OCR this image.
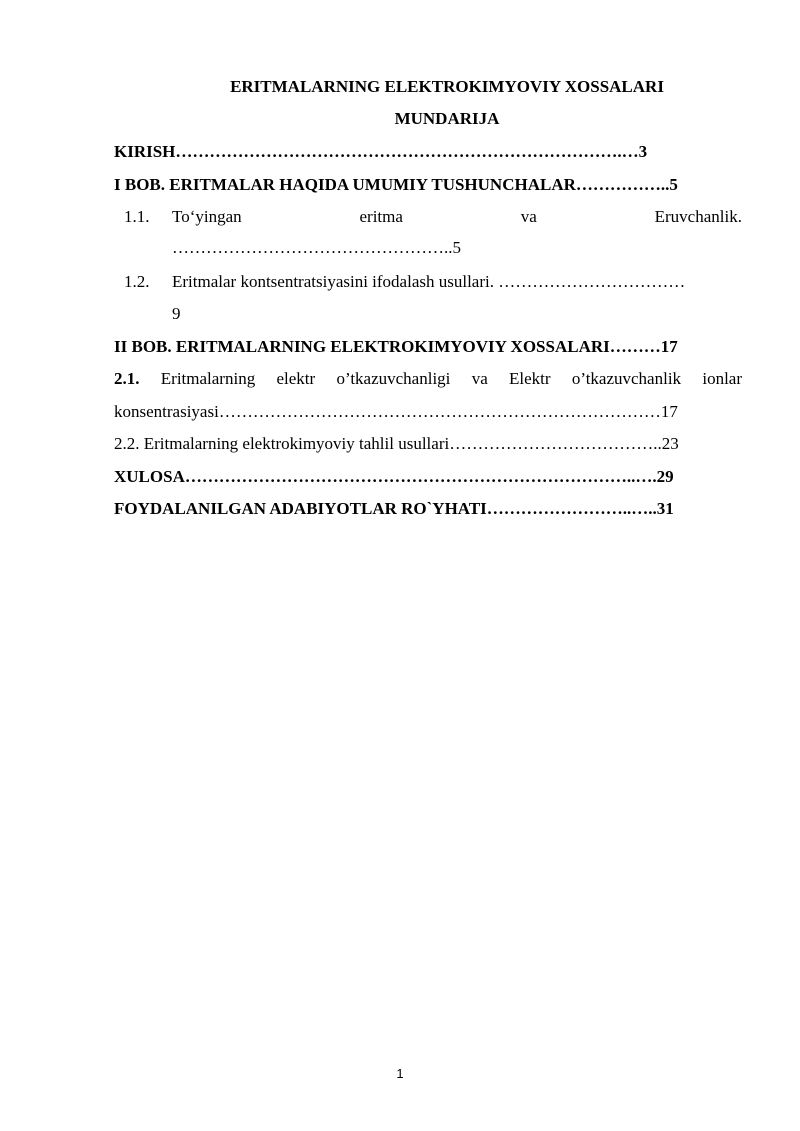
ERITMALARNING ELEKTROKIMYOVIY XOSSALARI
MUNDARIJA
KIRISH…………………………………………………………………….…3
I BOB. ERITMALAR HAQIDA UMUMIY TUSHUNCHALAR……………..5
1.1. To‘yingan	eritma	va	Eruvchanlik.
…………………………………………..5
1.2. Eritmalar kontsentratsiyasini ifodalash usullari. ……………………………
9
II BOB. ERITMALARNING ELEKTROKIMYOVIY XOSSALARI………17
2.1. Eritmalarning elektr o’tkazuvchanligi va Elektr o’tkazuvchanlik ionlar
konsentrasiyasi……………………………………………………………………17
2.2. Eritmalarning elektrokimyoviy tahlil usullari………………………………..23
XULOSA……………………………………………………………………..….29
FOYDALANILGAN ADABIYOTLAR RO`YHATI……………………..…..31
1
